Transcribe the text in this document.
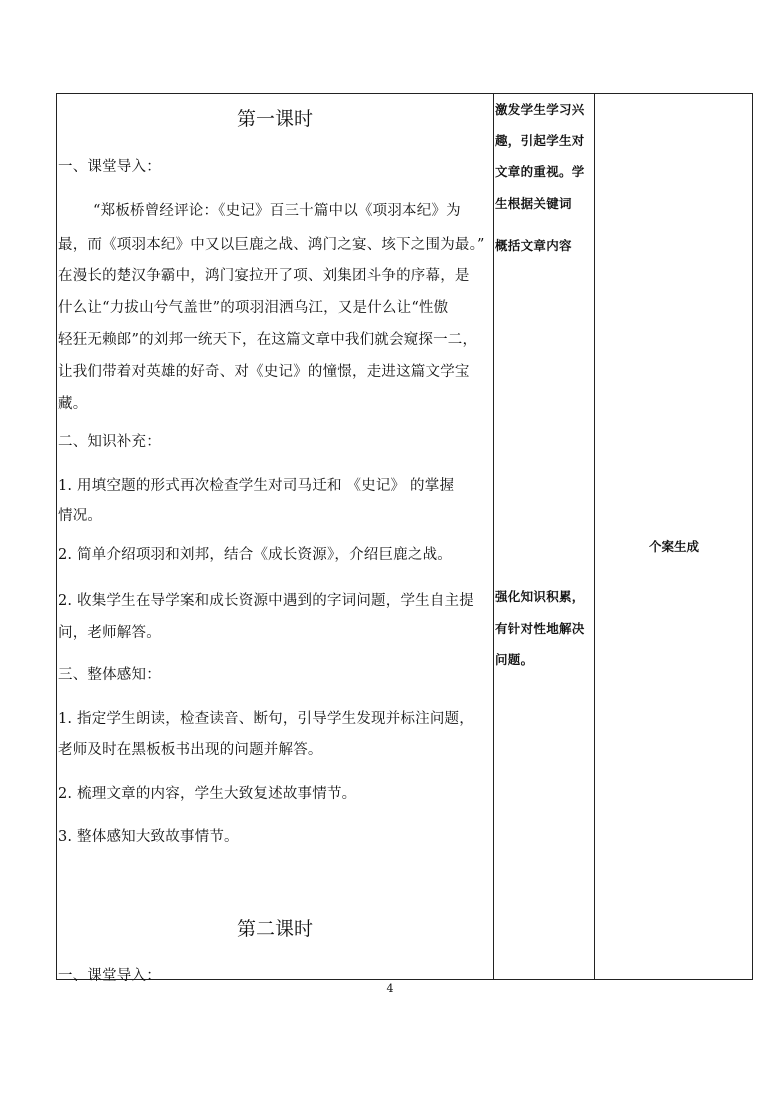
第一课时
一、课堂导入：
“郑板桥曾经评论：《史记》百三十篇中以《项羽本纪》为
最，而《项羽本纪》中又以巨鹿之战、鸿门之宴、垓下之围为最。”
在漫长的楚汉争霸中，鸿门宴拉开了项、刘集团斗争的序幕，是
什么让“力拔山兮气盖世”的项羽泪洒乌江，又是什么让“性傲
轻狂无赖郎”的刘邦一统天下，在这篇文章中我们就会窥探一二，
让我们带着对英雄的好奇、对《史记》的憧憬，走进这篇文学宝
藏。
二、知识补充：
1. 用填空题的形式再次检查学生对司马迁和 《史记》 的掌握
情况。
2. 简单介绍项羽和刘邦，结合《成长资源》，介绍巨鹿之战。
2. 收集学生在导学案和成长资源中遇到的字词问题，学生自主提
问，老师解答。
三、整体感知：
1. 指定学生朗读，检查读音、断句，引导学生发现并标注问题，
老师及时在黑板板书出现的问题并解答。
2. 梳理文章的内容，学生大致复述故事情节。
3. 整体感知大致故事情节。
第二课时
一、课堂导入：
激发学生学习兴
趣，引起学生对
文章的重视。学
生根据关键词
概括文章内容
强化知识积累，
有针对性地解决
问题。
个案生成
4
